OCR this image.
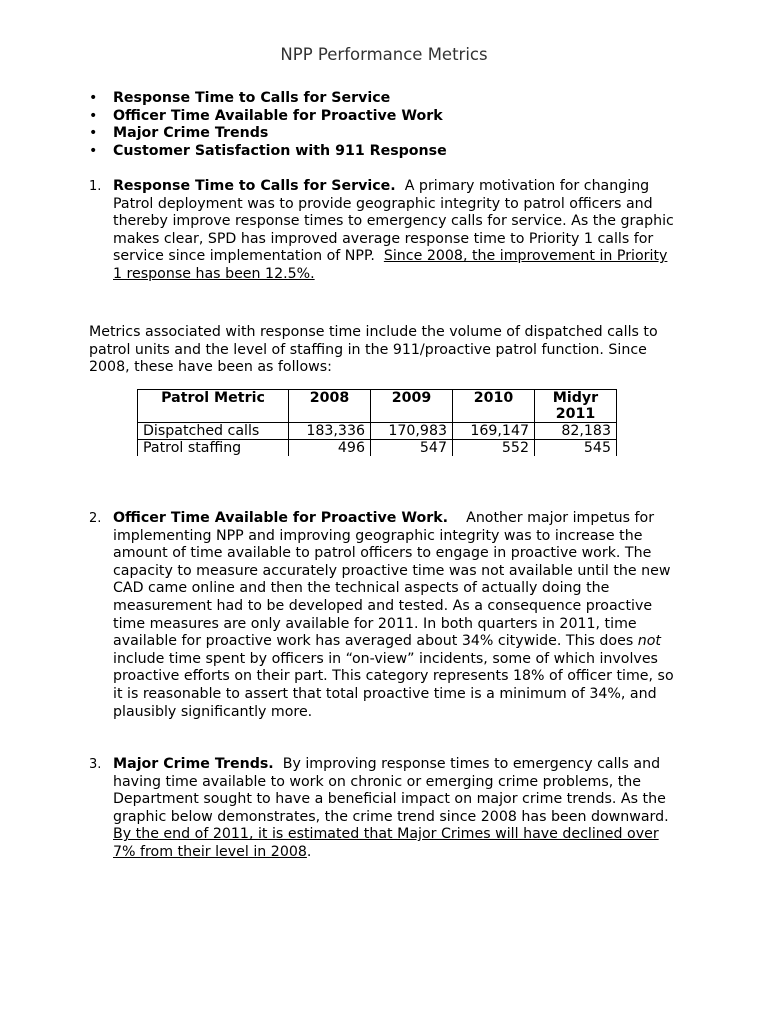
NPP Performance Metrics
• Response Time to Calls for Service
• Officer Time Available for Proactive Work
• Major Crime Trends
• Customer Satisfaction with 911 Response
1. Response Time to Calls for Service. A primary motivation for changing Patrol deployment was to provide geographic integrity to patrol officers and thereby improve response times to emergency calls for service. As the graphic makes clear, SPD has improved average response time to Priority 1 calls for service since implementation of NPP. Since 2008, the improvement in Priority 1 response has been 12.5%.

Metrics associated with response time include the volume of dispatched calls to patrol units and the level of staffing in the 911/proactive patrol function. Since 2008, these have been as follows:

Patrol Metric	2008	2009	2010	Midyr 2011
Dispatched calls	183,336	170,983	169,147	82,183
Patrol staffing	496	547	552	545
2. Officer Time Available for Proactive Work. Another major impetus for implementing NPP and improving geographic integrity was to increase the amount of time available to patrol officers to engage in proactive work. The capacity to measure accurately proactive time was not available until the new CAD came online and then the technical aspects of actually doing the measurement had to be developed and tested. As a consequence proactive time measures are only available for 2011. In both quarters in 2011, time available for proactive work has averaged about 34% citywide. This does not include time spent by officers in “on-view” incidents, some of which involves proactive efforts on their part. This category represents 18% of officer time, so it is reasonable to assert that total proactive time is a minimum of 34%, and plausibly significantly more.
3. Major Crime Trends. By improving response times to emergency calls and having time available to work on chronic or emerging crime problems, the Department sought to have a beneficial impact on major crime trends. As the graphic below demonstrates, the crime trend since 2008 has been downward.  By the end of 2011, it is estimated that Major Crimes will have declined over 7% from their level in 2008.
